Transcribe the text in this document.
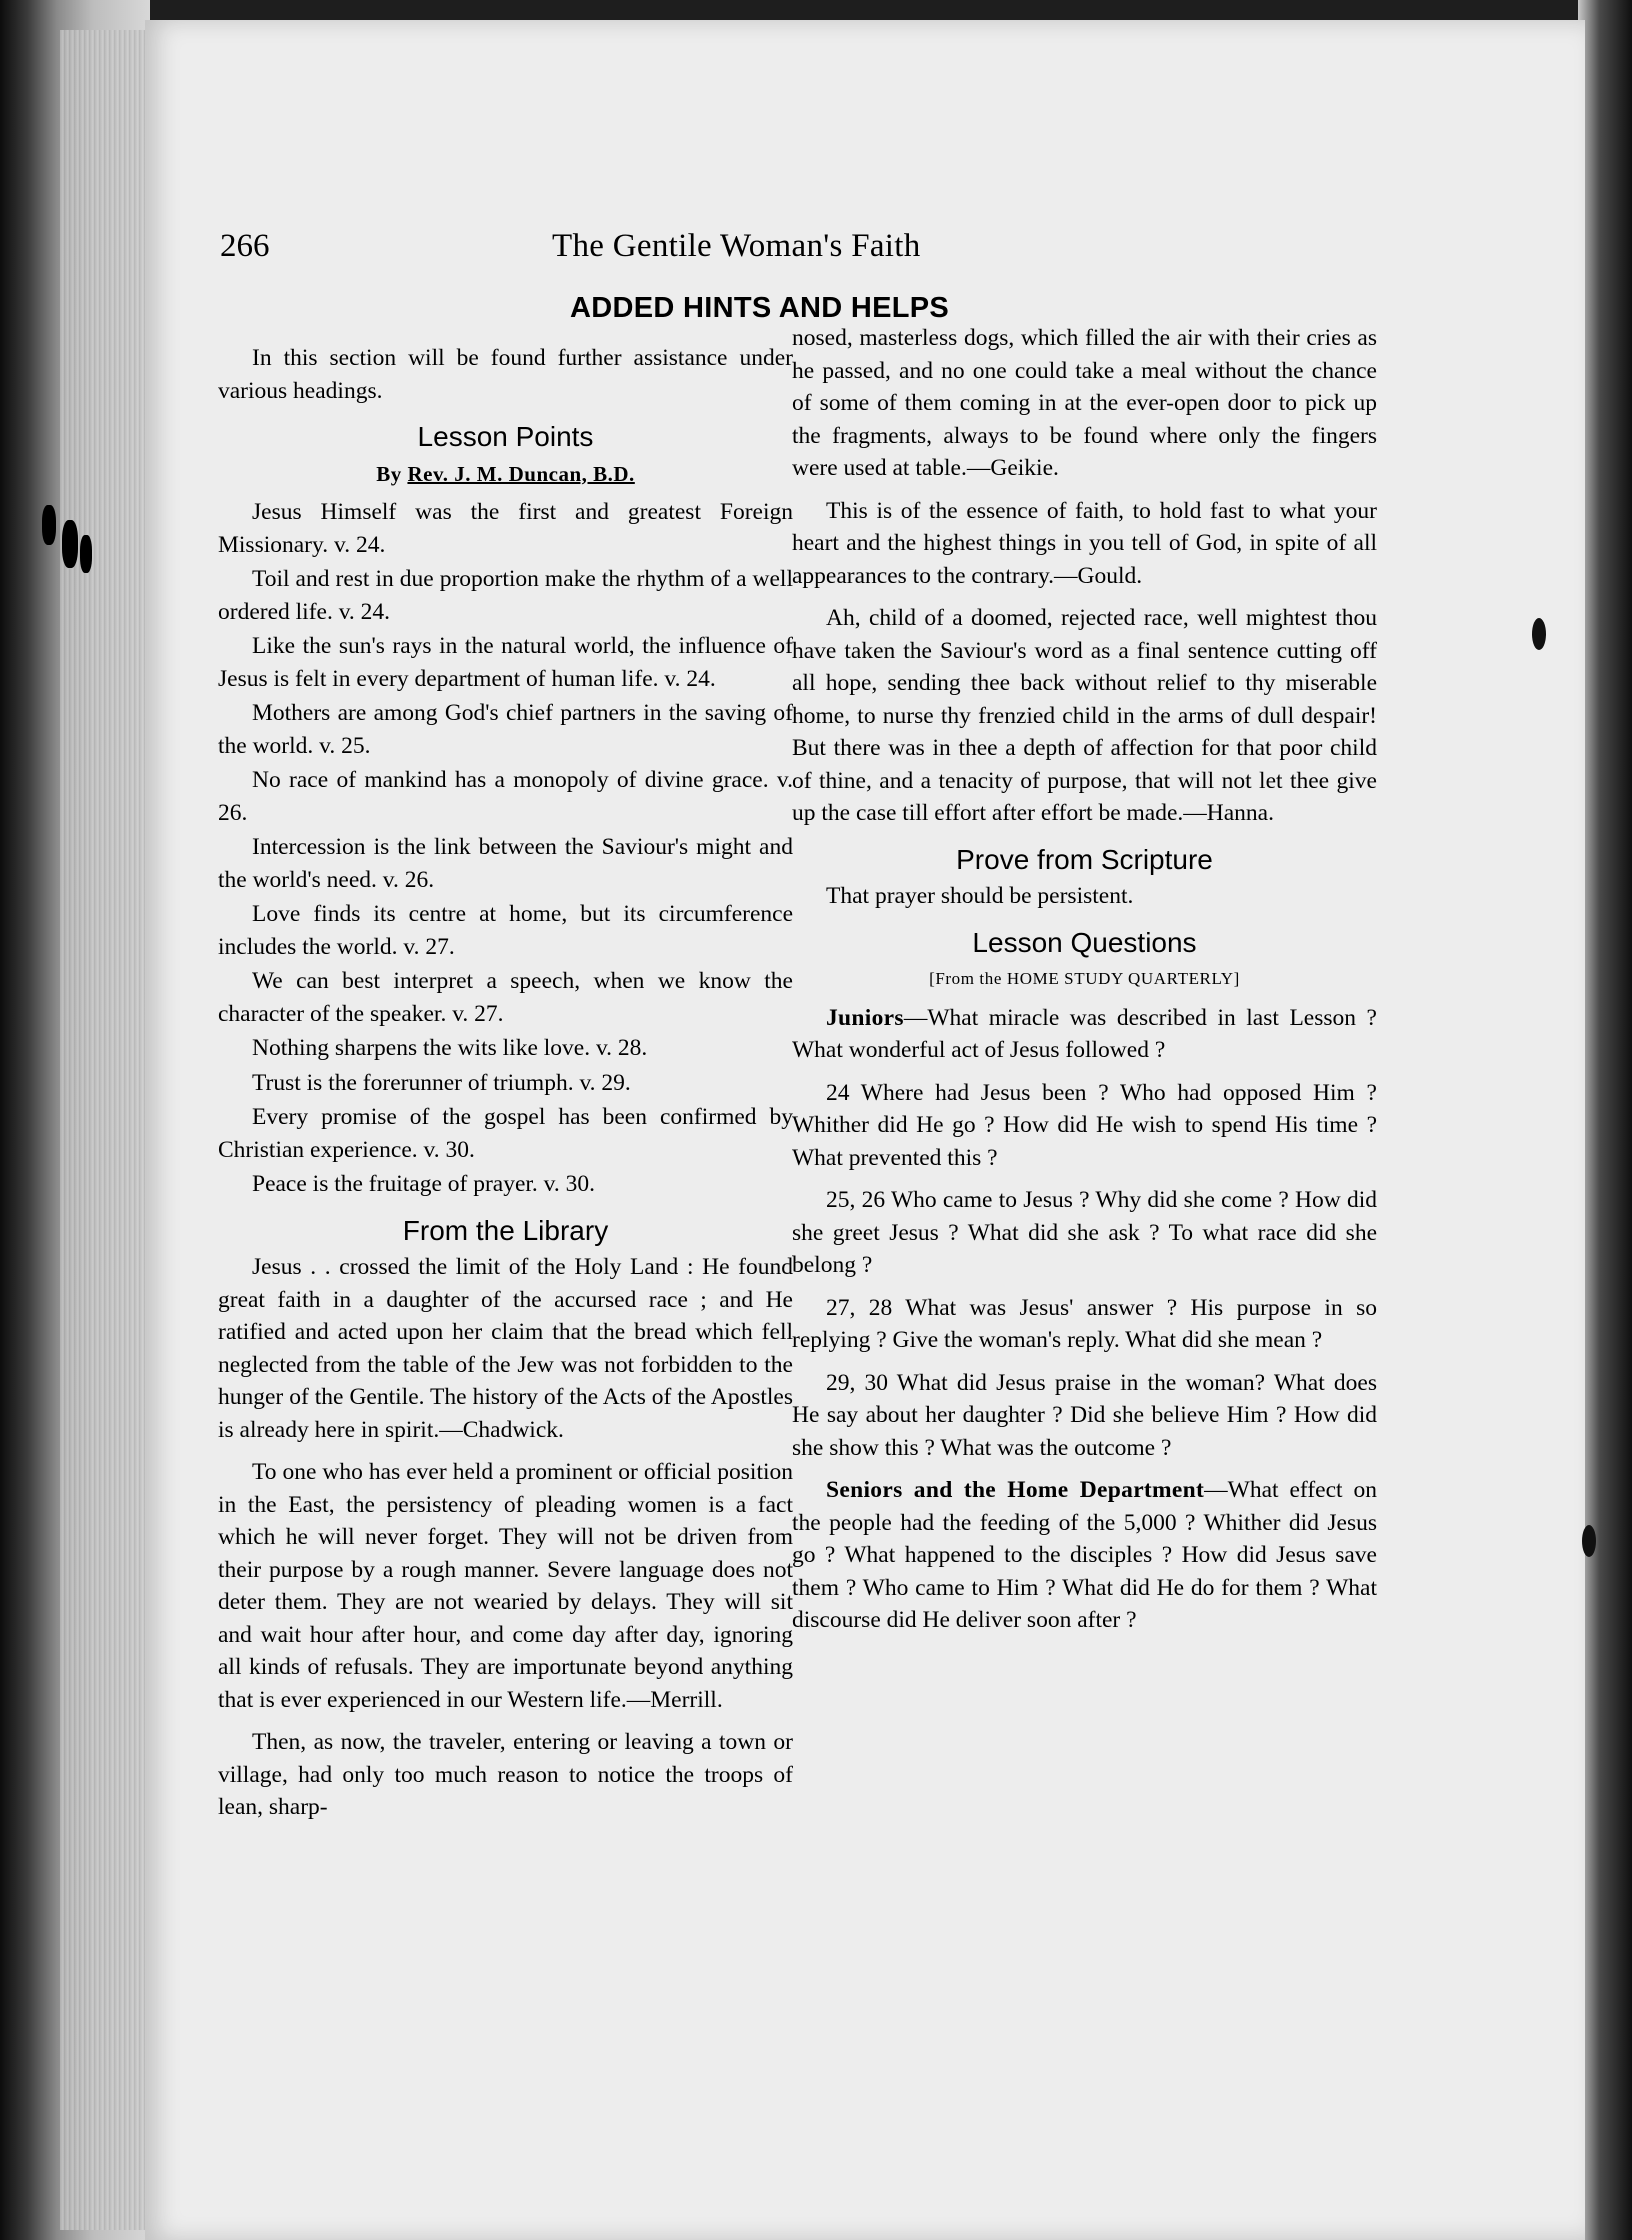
266	The Gentile Woman's Faith
ADDED HINTS AND HELPS

In this section will be found further assistance under various headings.

Lesson Points
By Rev. J. M. Duncan, B.D.

Jesus Himself was the first and greatest Foreign Missionary. v. 24.

Toil and rest in due proportion make the rhythm of a well ordered life. v. 24.

Like the sun's rays in the natural world, the influence of Jesus is felt in every department of human life. v. 24.

Mothers are among God's chief partners in the saving of the world. v. 25.

No race of mankind has a monopoly of divine grace. v. 26.

Intercession is the link between the Saviour's might and the world's need. v. 26.

Love finds its centre at home, but its circumference includes the world. v. 27.

We can best interpret a speech, when we know the character of the speaker. v. 27.

Nothing sharpens the wits like love. v. 28.

Trust is the forerunner of triumph. v. 29.

Every promise of the gospel has been confirmed by Christian experience. v. 30.

Peace is the fruitage of prayer. v. 30.

From the Library

Jesus . . crossed the limit of the Holy Land : He found great faith in a daughter of the accursed race ; and He ratified and acted upon her claim that the bread which fell neglected from the table of the Jew was not forbidden to the hunger of the Gentile. The history of the Acts of the Apostles is already here in spirit.—Chadwick.

To one who has ever held a prominent or official position in the East, the persistency of pleading women is a fact which he will never forget. They will not be driven from their purpose by a rough manner. Severe language does not deter them. They are not wearied by delays. They will sit and wait hour after hour, and come day after day, ignoring all kinds of refusals. They are importunate beyond anything that is ever experienced in our Western life.—Merrill.

Then, as now, the traveler, entering or leaving a town or village, had only too much reason to notice the troops of lean, sharp-

nosed, masterless dogs, which filled the air with their cries as he passed, and no one could take a meal without the chance of some of them coming in at the ever-open door to pick up the fragments, always to be found where only the fingers were used at table.—Geikie.

This is of the essence of faith, to hold fast to what your heart and the highest things in you tell of God, in spite of all appearances to the contrary.—Gould.

Ah, child of a doomed, rejected race, well mightest thou have taken the Saviour's word as a final sentence cutting off all hope, sending thee back without relief to thy miserable home, to nurse thy frenzied child in the arms of dull despair! But there was in thee a depth of affection for that poor child of thine, and a tenacity of purpose, that will not let thee give up the case till effort after effort be made.—Hanna.

Prove from Scripture

That prayer should be persistent.

Lesson Questions
[From the HOME STUDY QUARTERLY]

Juniors—What miracle was described in last Lesson ? What wonderful act of Jesus followed ?

24 Where had Jesus been ? Who had opposed Him ? Whither did He go ? How did He wish to spend His time ? What prevented this ?

25, 26 Who came to Jesus ? Why did she come ? How did she greet Jesus ? What did she ask ? To what race did she belong ?

27, 28 What was Jesus' answer ? His purpose in so replying ? Give the woman's reply. What did she mean ?

29, 30 What did Jesus praise in the woman? What does He say about her daughter ? Did she believe Him ? How did she show this ? What was the outcome ?

Seniors and the Home Department—What effect on the people had the feeding of the 5,000 ? Whither did Jesus go ? What happened to the disciples ? How did Jesus save them ? Who came to Him ? What did He do for them ? What discourse did He deliver soon after ?
